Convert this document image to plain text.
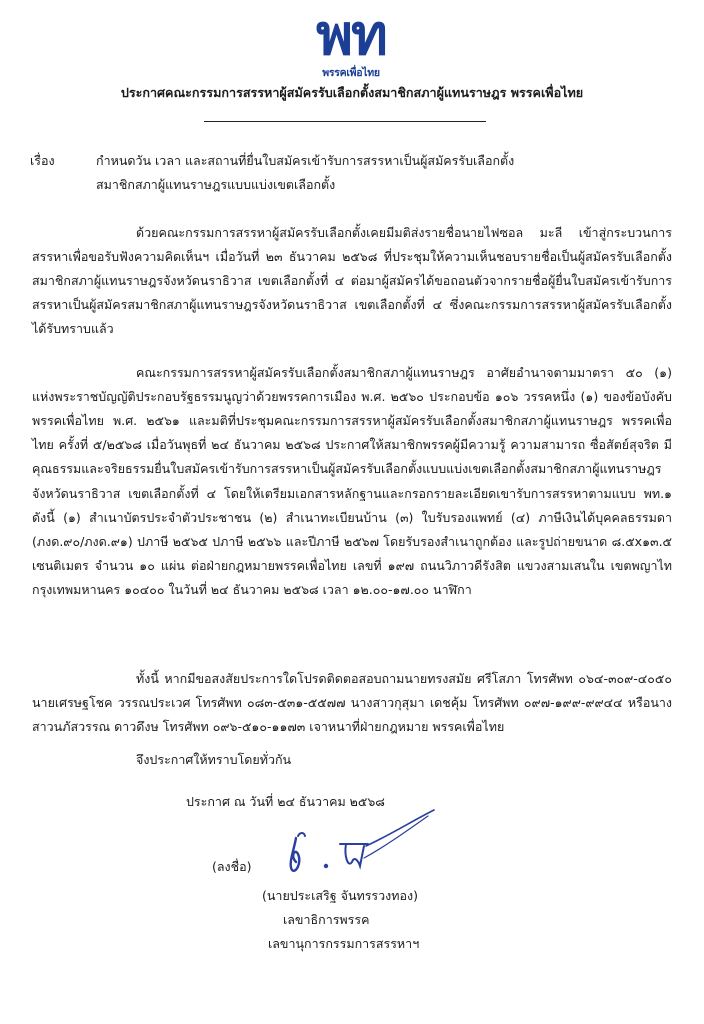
พท
พรรคเพื่อไทย
ประกาศคณะกรรมการสรรหาผู้สมัครรับเลือกตั้งสมาชิกสภาผู้แทนราษฎร พรรคเพื่อไทย
เรื่อง	กำหนดวัน เวลา และสถานที่ยื่นใบสมัครเข้ารับการสรรหาเป็นผู้สมัครรับเลือกตั้ง
สมาชิกสภาผู้แทนราษฎรแบบแบ่งเขตเลือกตั้ง

ด้วยคณะกรรมการสรรหาผู้สมัครรับเลือกตั้งเคยมีมติส่งรายชื่อนายไฟซอล มะลี เข้าสู่กระบวนการสรรหาเพื่อขอรับฟังความคิดเห็นฯ เมื่อวันที่ ๒๓ ธันวาคม ๒๕๖๘ ที่ประชุมให้ความเห็นชอบรายชื่อเป็นผู้สมัครรับเลือกตั้งสมาชิกสภาผู้แทนราษฎรจังหวัดนราธิวาส เขตเลือกตั้งที่ ๔ ต่อมาผู้สมัครได้ขอถอนตัวจากรายชื่อผู้ยื่นใบสมัครเข้ารับการสรรหาเป็นผู้สมัครสมาชิกสภาผู้แทนราษฎรจังหวัดนราธิวาส เขตเลือกตั้งที่ ๔ ซึ่งคณะกรรมการสรรหาผู้สมัครรับเลือกตั้งได้รับทราบแล้ว

คณะกรรมการสรรหาผู้สมัครรับเลือกตั้งสมาชิกสภาผู้แทนราษฎร อาศัยอำนาจตามมาตรา ๕๐ (๑) แห่งพระราชบัญญัติประกอบรัฐธรรมนูญว่าด้วยพรรคการเมือง พ.ศ. ๒๕๖๐ ประกอบข้อ ๑๐๖ วรรคหนึ่ง (๑) ของข้อบังคับพรรคเพื่อไทย พ.ศ. ๒๕๖๑ และมติที่ประชุมคณะกรรมการสรรหาผู้สมัครรับเลือกตั้งสมาชิกสภาผู้แทนราษฎร พรรคเพื่อไทย ครั้งที่ ๕/๒๕๖๘ เมื่อวันพุธที่ ๒๔ ธันวาคม ๒๕๖๘ ประกาศให้สมาชิกพรรคผู้มีความรู้ ความสามารถ ซื่อสัตย์สุจริต มีคุณธรรมและจริยธรรมยื่นใบสมัครเข้ารับการสรรหาเป็นผู้สมัครรับเลือกตั้งแบบแบ่งเขตเลือกตั้งสมาชิกสภาผู้แทนราษฎรจังหวัดนราธิวาส เขตเลือกตั้งที่ ๔ โดยให้เตรียมเอกสารหลักฐานและกรอกรายละเอียดเขารับการสรรหาตามแบบ พท.๑ ดังนี้ (๑) สำเนาบัตรประจำตัวประชาชน (๒) สำเนาทะเบียนบ้าน (๓) ใบรับรองแพทย์ (๔) ภาษีเงินได้บุคคลธรรมดา (ภงด.๙๐/ภงด.๙๑) ปภาษี ๒๕๖๕ ปภาษี ๒๕๖๖ และปีภาษี ๒๕๖๗ โดยรับรองสำเนาถูกต้อง และรูปถ่ายขนาด ๘.๕x๑๓.๕ เซนติเมตร จำนวน ๑๐ แผ่น ต่อฝ่ายกฎหมายพรรคเพื่อไทย เลขที่ ๑๙๗ ถนนวิภาวดีรังสิต แขวงสามเสนใน เขตพญาไท กรุงเทพมหานคร ๑๐๔๐๐ ในวันที่ ๒๔ ธันวาคม ๒๕๖๘ เวลา ๑๒.๐๐-๑๗.๐๐ นาฬิกา

ทั้งนี้ หากมีขอสงสัยประการใดโปรดติดตอสอบถามนายทรงสมัย ศรีโสภา โทรศัพท ๐๖๔-๓๐๙-๔๐๕๐ นายเศรษฐโชค วรรณประเวศ โทรศัพท ๐๘๓-๕๓๑-๕๕๗๗ นางสาวกุสุมา เดชคุ้ม โทรศัพท ๐๙๗-๑๙๙-๙๙๔๔ หรือนางสาวนภัสวรรณ ดาวดึงษ โทรศัพท ๐๙๖-๕๑๐-๑๑๗๓ เจาหนาที่ฝ่ายกฎหมาย พรรคเพื่อไทย

จึงประกาศให้ทราบโดยทั่วกัน
ประกาศ ณ วันที่ ๒๔ ธันวาคม ๒๕๖๘
(ลงชื่อ)
(นายประเสริฐ จันทรรวงทอง)
เลขาธิการพรรค
เลขานุการกรรมการสรรหาฯ
